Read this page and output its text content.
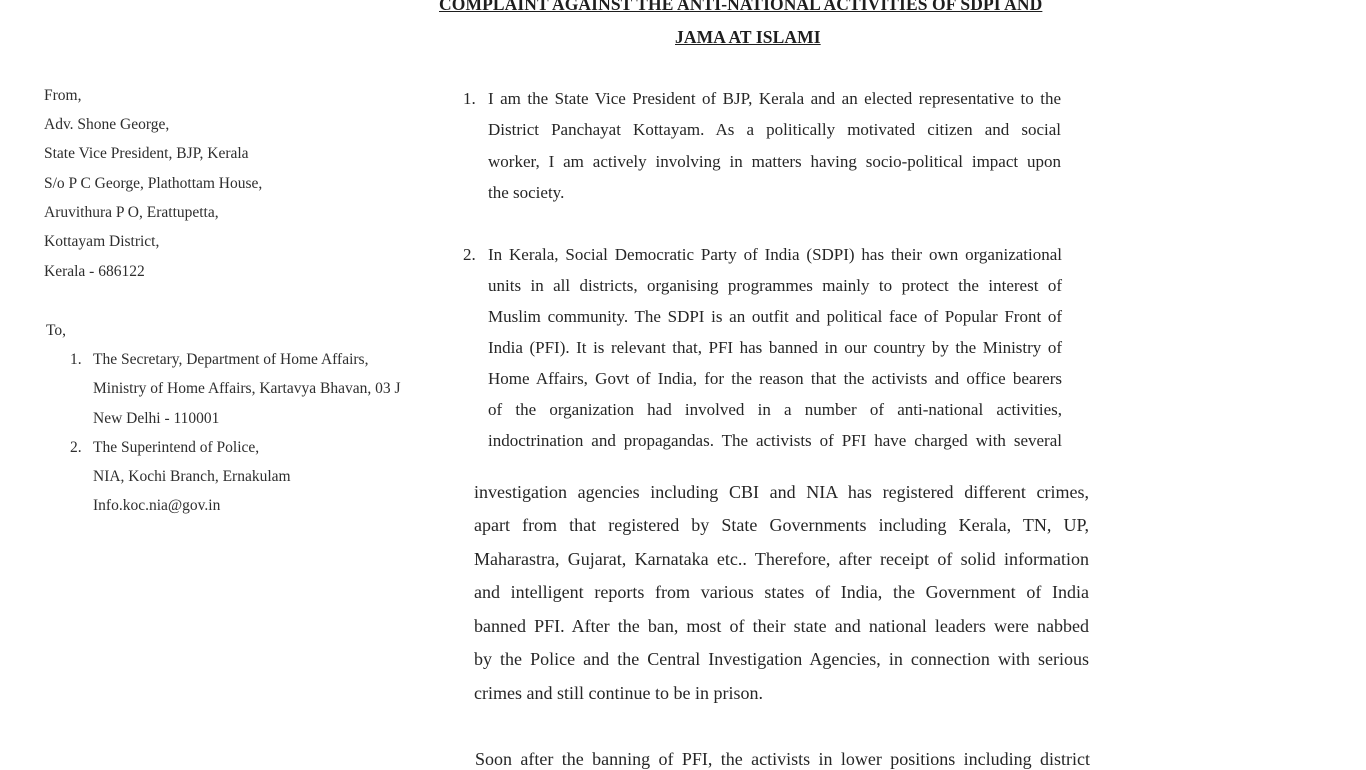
COMPLAINT AGAINST THE ANTI-NATIONAL ACTIVITIES OF SDPI AND
JAMA AT ISLAMI
From,
Adv. Shone George,
State Vice President, BJP, Kerala
S/o P C George, Plathottam House,
Aruvithura P O, Erattupetta,
Kottayam District,
Kerala - 686122
To,
1. The Secretary, Department of Home Affairs,
Ministry of Home Affairs, Kartavya Bhavan, 03 J
New Delhi - 110001
2. The Superintend of Police,
NIA, Kochi Branch, Ernakulam
Info.koc.nia@gov.in
1. I am the State Vice President of BJP, Kerala and an elected representative to the
District Panchayat Kottayam. As a politically motivated citizen and social
worker, I am actively involving in matters having socio-political impact upon
the society.
2. In Kerala, Social Democratic Party of India (SDPI) has their own organizational
units in all districts, organising programmes mainly to protect the interest of
Muslim community. The SDPI is an outfit and political face of Popular Front of
India (PFI). It is relevant that, PFI has banned in our country by the Ministry of
Home Affairs, Govt of India, for the reason that the activists and office bearers
of the organization had involved in a number of anti-national activities,
indoctrination and propagandas. The activists of PFI have charged with several
investigation agencies including CBI and NIA has registered different crimes,
apart from that registered by State Governments including Kerala, TN, UP,
Maharastra, Gujarat, Karnataka etc.. Therefore, after receipt of solid information
and intelligent reports from various states of India, the Government of India
banned PFI. After the ban, most of their state and national leaders were nabbed
by the Police and the Central Investigation Agencies, in connection with serious
crimes and still continue to be in prison.
Soon after the banning of PFI, the activists in lower positions including district
